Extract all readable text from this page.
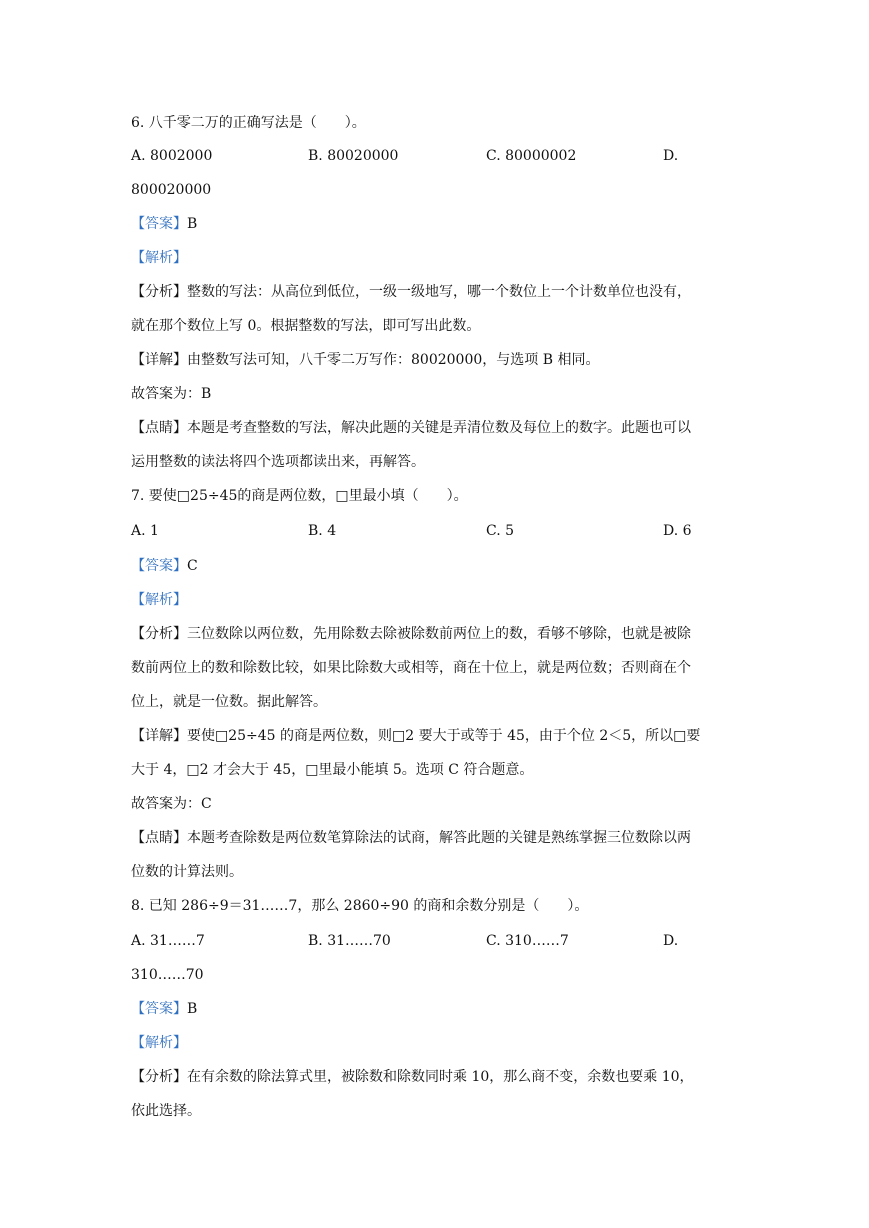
6. 八千零二万的正确写法是（　　）。
A. 8002000	B. 80020000	C. 80000002	D.
800020000
【答案】B
【解析】
【分析】整数的写法：从高位到低位，一级一级地写，哪一个数位上一个计数单位也没有，
就在那个数位上写 0。根据整数的写法，即可写出此数。
【详解】由整数写法可知，八千零二万写作：80020000，与选项 B 相同。
故答案为：B
【点睛】本题是考查整数的写法，解决此题的关键是弄清位数及每位上的数字。此题也可以
运用整数的读法将四个选项都读出来，再解答。
7. 要使□25÷45的商是两位数，□里最小填（　　）。
A. 1	B. 4	C. 5	D. 6
【答案】C
【解析】
【分析】三位数除以两位数，先用除数去除被除数前两位上的数，看够不够除，也就是被除
数前两位上的数和除数比较，如果比除数大或相等，商在十位上，就是两位数；否则商在个
位上，就是一位数。据此解答。
【详解】要使□25÷45 的商是两位数，则□2 要大于或等于 45，由于个位 2＜5，所以□要
大于 4，□2 才会大于 45，□里最小能填 5。选项 C 符合题意。
故答案为：C
【点睛】本题考查除数是两位数笔算除法的试商，解答此题的关键是熟练掌握三位数除以两
位数的计算法则。
8. 已知 286÷9＝31……7，那么 2860÷90 的商和余数分别是（　　）。
A. 31……7	B. 31……70	C. 310……7	D.
310……70
【答案】B
【解析】
【分析】在有余数的除法算式里，被除数和除数同时乘 10，那么商不变，余数也要乘 10，
依此选择。
